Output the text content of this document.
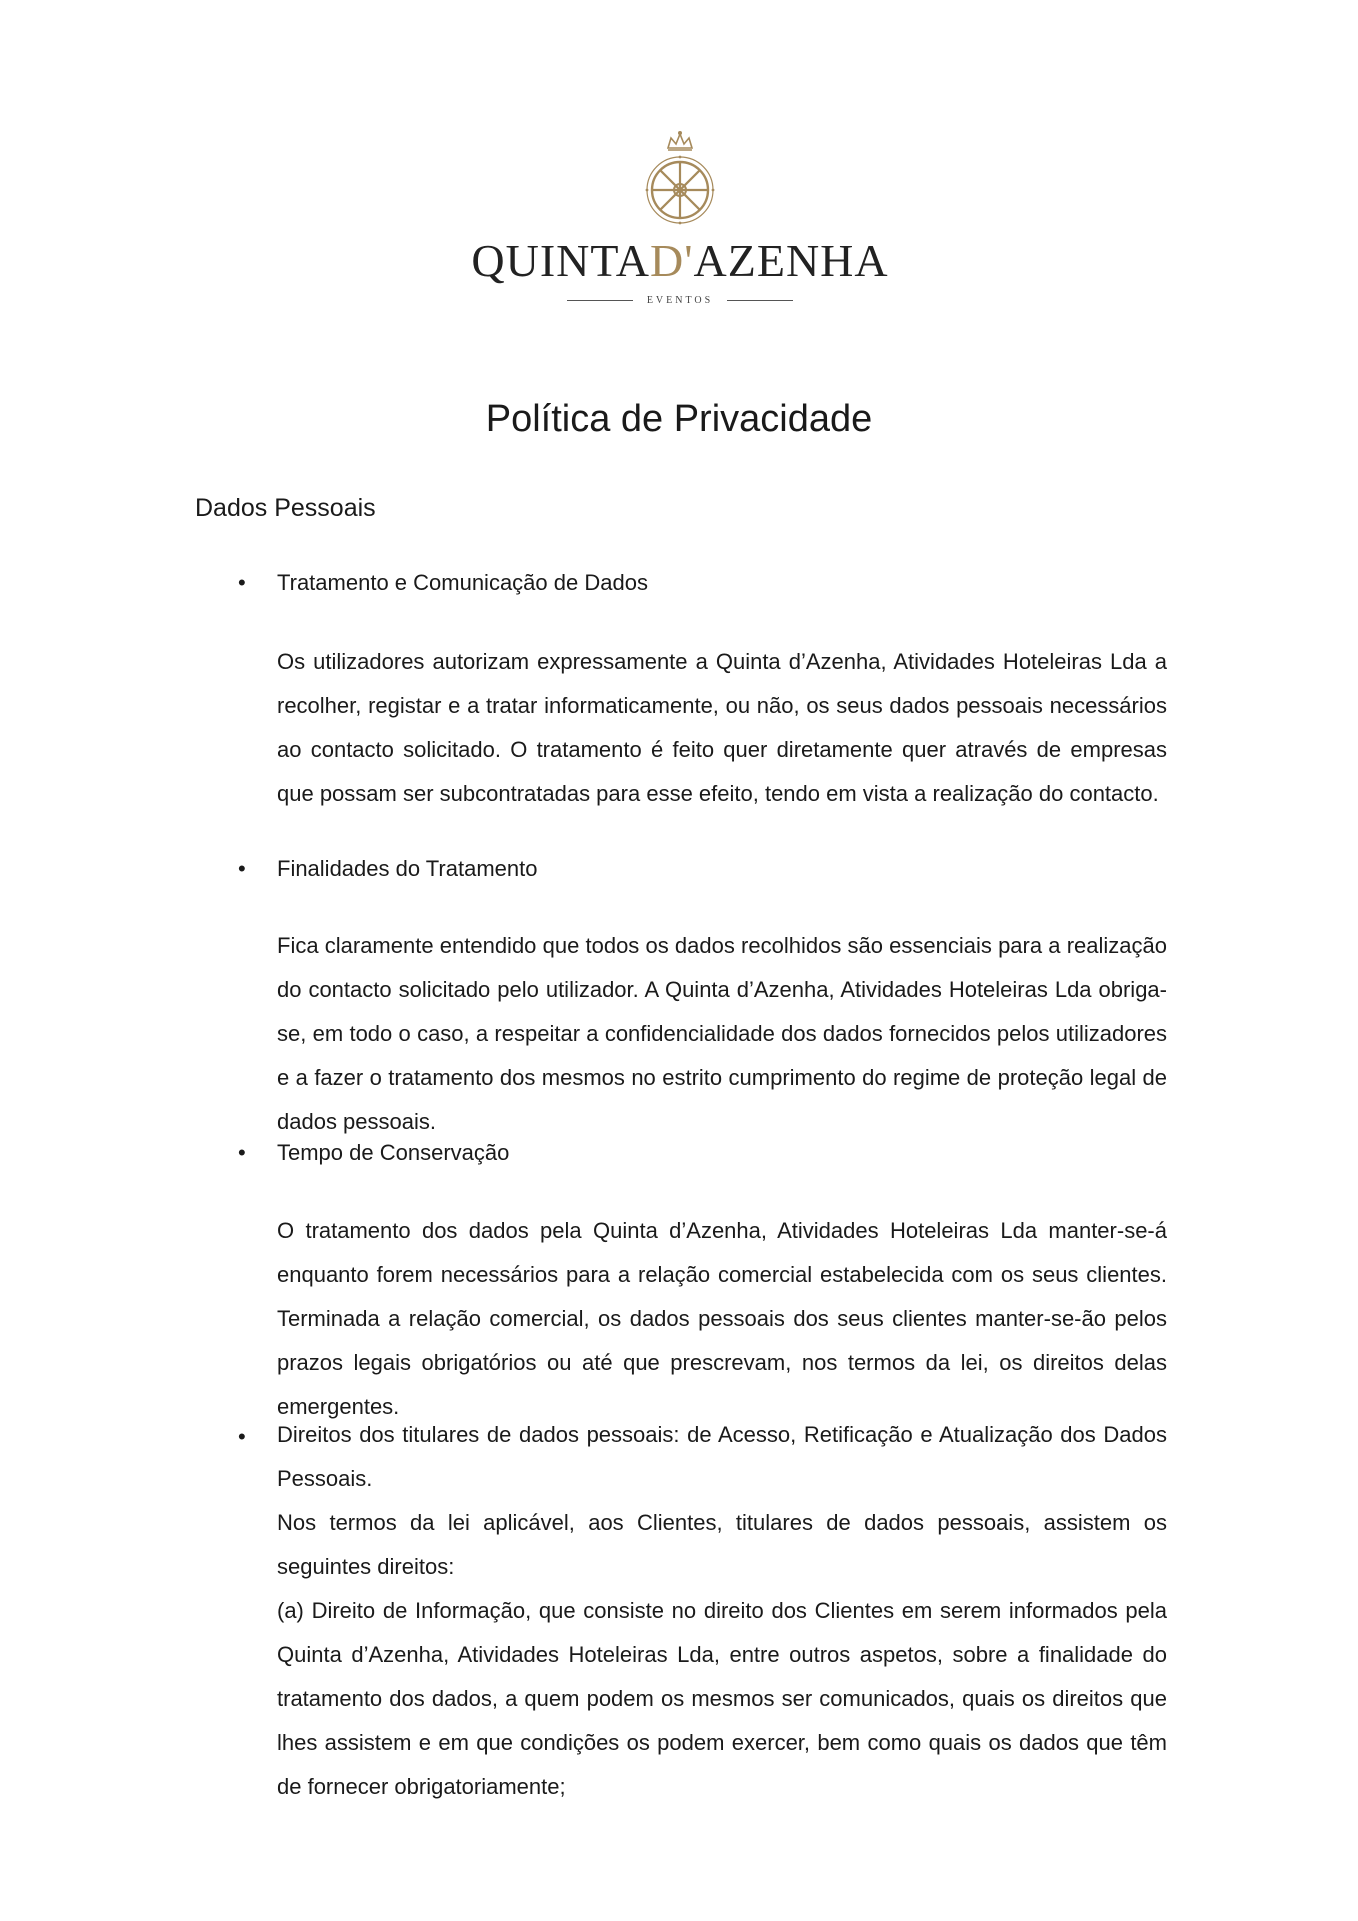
QUINTAD'AZENHA
EVENTOS
Política de Privacidade
Dados Pessoais
• Tratamento e Comunicação de Dados
Os utilizadores autorizam expressamente a Quinta d’Azenha, Atividades Hoteleiras Lda a recolher, registar e a tratar informaticamente, ou não, os seus dados pessoais necessários ao contacto solicitado. O tratamento é feito quer diretamente quer através de empresas que possam ser subcontratadas para esse efeito, tendo em vista a realização do contacto.
• Finalidades do Tratamento
Fica claramente entendido que todos os dados recolhidos são essenciais para a realização do contacto solicitado pelo utilizador. A Quinta d’Azenha, Atividades Hoteleiras Lda obriga-se, em todo o caso, a respeitar a confidencialidade dos dados fornecidos pelos utilizadores e a fazer o tratamento dos mesmos no estrito cumprimento do regime de proteção legal de dados pessoais.
• Tempo de Conservação
O tratamento dos dados pela Quinta d’Azenha, Atividades Hoteleiras Lda manter-se-á enquanto forem necessários para a relação comercial estabelecida com os seus clientes. Terminada a relação comercial, os dados pessoais dos seus clientes manter-se-ão pelos prazos legais obrigatórios ou até que prescrevam, nos termos da lei, os direitos delas emergentes.
• Direitos dos titulares de dados pessoais: de Acesso, Retificação e Atualização dos Dados Pessoais.

Nos termos da lei aplicável, aos Clientes, titulares de dados pessoais, assistem os seguintes direitos:

(a) Direito de Informação, que consiste no direito dos Clientes em serem informados pela Quinta d’Azenha, Atividades Hoteleiras Lda, entre outros aspetos, sobre a finalidade do tratamento dos dados, a quem podem os mesmos ser comunicados, quais os direitos que lhes assistem e em que condições os podem exercer, bem como quais os dados que têm de fornecer obrigatoriamente;
